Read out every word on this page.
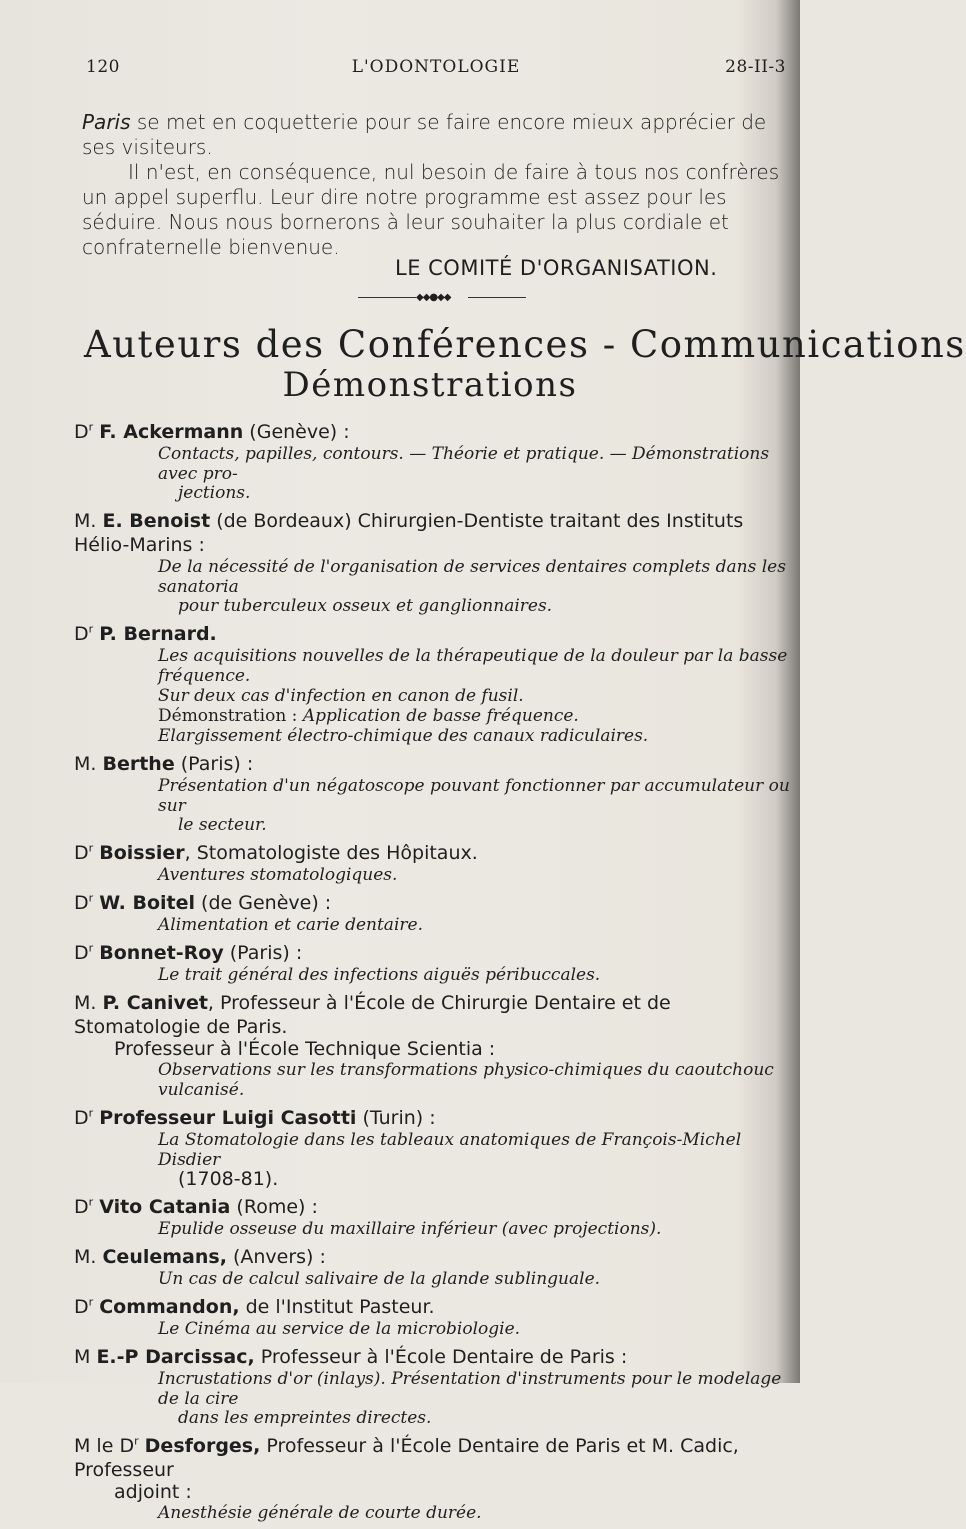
120	L'ODONTOLOGIE	28-II-3

Paris se met en coquetterie pour se faire encore mieux apprécier de ses visiteurs.

Il n'est, en conséquence, nul besoin de faire à tous nos confrères un appel superflu. Leur dire notre programme est assez pour les séduire. Nous nous bornerons à leur souhaiter la plus cordiale et confraternelle bienvenue.

LE COMITÉ D'ORGANISATION.
◆◆●◆◆
Auteurs des Conférences - Communications
Démonstrations
$D^r$ F. Ackermann (Genève) :
Contacts, papilles, contours. — Théorie et pratique. — Démonstrations avec pro-
jections.
M. E. Benoist (de Bordeaux) Chirurgien-Dentiste traitant des Instituts Hélio-Marins :
De la nécessité de l'organisation de services dentaires complets dans les sanatoria
pour tuberculeux osseux et ganglionnaires.
$D^r$ P. Bernard.
Les acquisitions nouvelles de la thérapeutique de la douleur par la basse fréquence.
Sur deux cas d'infection en canon de fusil.
Démonstration : Application de basse fréquence.
Elargissement électro-chimique des canaux radiculaires.
M. Berthe (Paris) :
Présentation d'un négatoscope pouvant fonctionner par accumulateur ou sur
le secteur.
$D^r$ Boissier, Stomatologiste des Hôpitaux.
Aventures stomatologiques.
$D^r$ W. Boitel (de Genève) :
Alimentation et carie dentaire.
$D^r$ Bonnet-Roy (Paris) :
Le trait général des infections aiguës péribuccales.
M. P. Canivet, Professeur à l'École de Chirurgie Dentaire et de Stomatologie de Paris.
Professeur à l'École Technique Scientia :
Observations sur les transformations physico-chimiques du caoutchouc vulcanisé.
$D^r$ Professeur Luigi Casotti (Turin) :
La Stomatologie dans les tableaux anatomiques de François-Michel Disdier
(1708-81).
$D^r$ Vito Catania (Rome) :
Epulide osseuse du maxillaire inférieur (avec projections).
M. Ceulemans, (Anvers) :
Un cas de calcul salivaire de la glande sublinguale.
$D^r$ Commandon, de l'Institut Pasteur.
Le Cinéma au service de la microbiologie.
M E.-P Darcissac, Professeur à l'École Dentaire de Paris :
Incrustations d'or (inlays). Présentation d'instruments pour le modelage de la cire
dans les empreintes directes.
M le $D^r$ Desforges, Professeur à l'École Dentaire de Paris et M. Cadic, Professeur
adjoint :
Anesthésie générale de courte durée.
